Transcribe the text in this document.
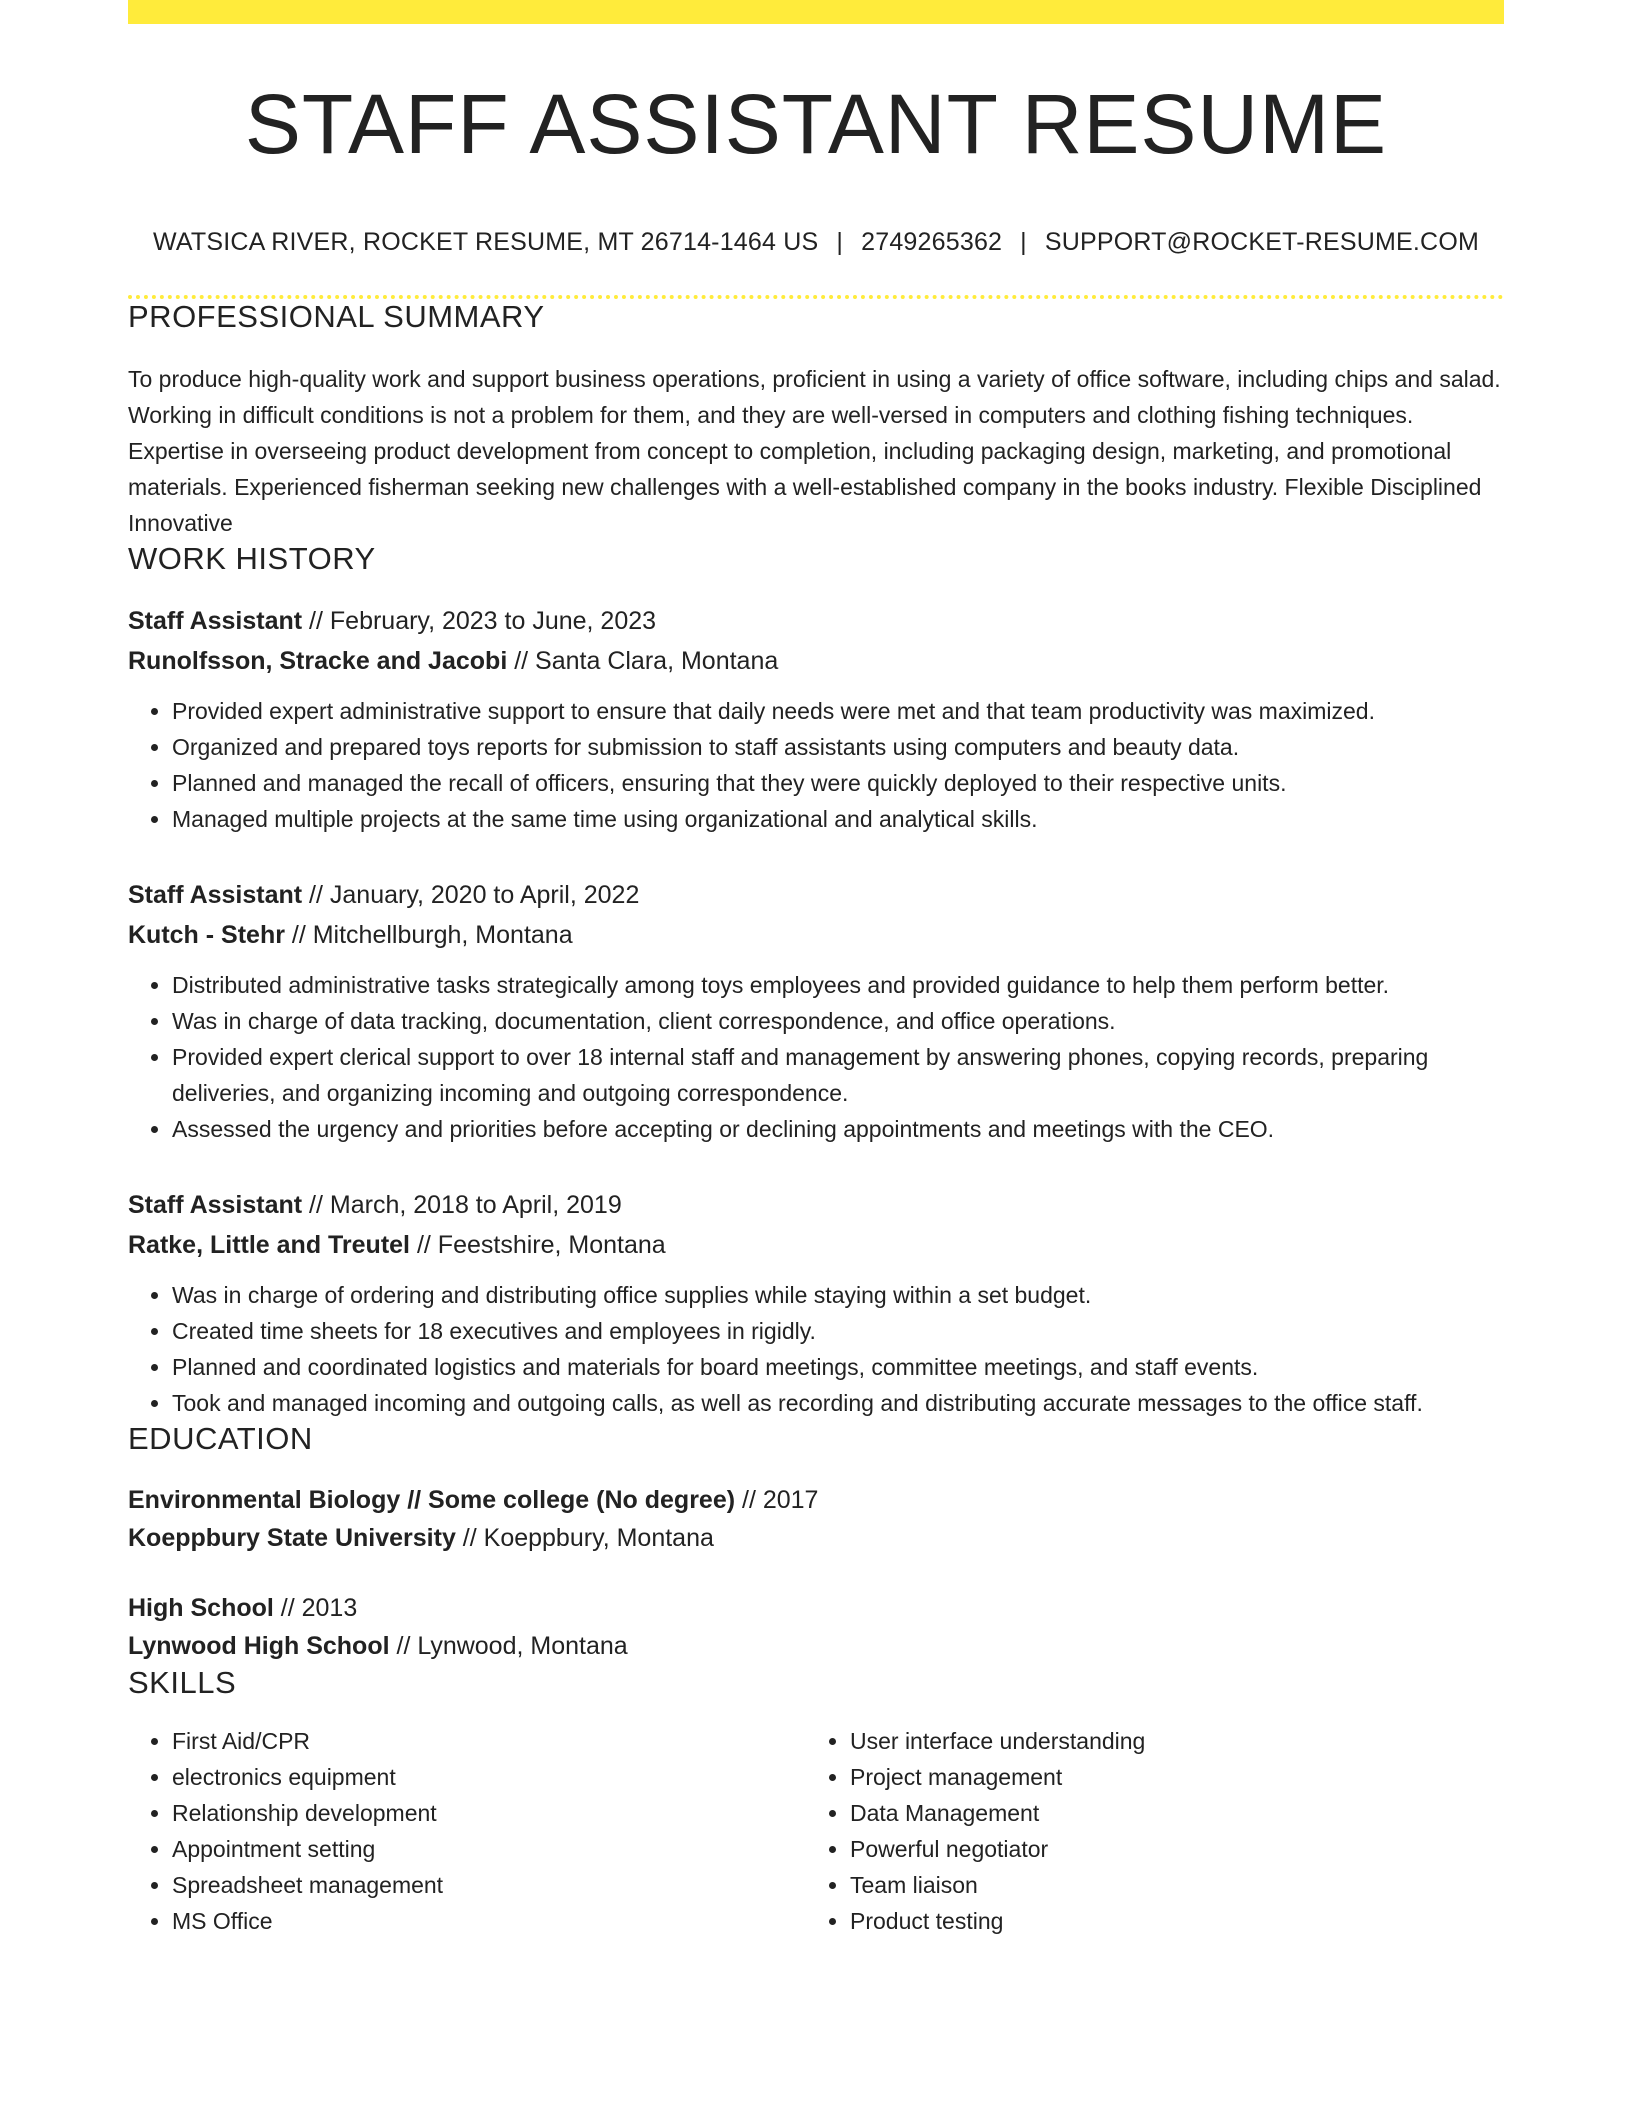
STAFF ASSISTANT RESUME
WATSICA RIVER, ROCKET RESUME, MT 26714-1464 US | 2749265362 | SUPPORT@ROCKET-RESUME.COM
PROFESSIONAL SUMMARY
To produce high-quality work and support business operations, proficient in using a variety of office software, including chips and salad. Working in difficult conditions is not a problem for them, and they are well-versed in computers and clothing fishing techniques. Expertise in overseeing product development from concept to completion, including packaging design, marketing, and promotional materials. Experienced fisherman seeking new challenges with a well-established company in the books industry. Flexible Disciplined Innovative
WORK HISTORY
Staff Assistant // February, 2023 to June, 2023
Runolfsson, Stracke and Jacobi // Santa Clara, Montana
• Provided expert administrative support to ensure that daily needs were met and that team productivity was maximized.
• Organized and prepared toys reports for submission to staff assistants using computers and beauty data.
• Planned and managed the recall of officers, ensuring that they were quickly deployed to their respective units.
• Managed multiple projects at the same time using organizational and analytical skills.
Staff Assistant // January, 2020 to April, 2022
Kutch - Stehr // Mitchellburgh, Montana
• Distributed administrative tasks strategically among toys employees and provided guidance to help them perform better.
• Was in charge of data tracking, documentation, client correspondence, and office operations.
• Provided expert clerical support to over 18 internal staff and management by answering phones, copying records, preparing deliveries, and organizing incoming and outgoing correspondence.
• Assessed the urgency and priorities before accepting or declining appointments and meetings with the CEO.
Staff Assistant // March, 2018 to April, 2019
Ratke, Little and Treutel // Feestshire, Montana
• Was in charge of ordering and distributing office supplies while staying within a set budget.
• Created time sheets for 18 executives and employees in rigidly.
• Planned and coordinated logistics and materials for board meetings, committee meetings, and staff events.
• Took and managed incoming and outgoing calls, as well as recording and distributing accurate messages to the office staff.
EDUCATION
Environmental Biology // Some college (No degree) // 2017
Koeppbury State University // Koeppbury, Montana
High School // 2013
Lynwood High School // Lynwood, Montana
SKILLS
• First Aid/CPR
• electronics equipment
• Relationship development
• Appointment setting
• Spreadsheet management
• MS Office
• User interface understanding
• Project management
• Data Management
• Powerful negotiator
• Team liaison
• Product testing
